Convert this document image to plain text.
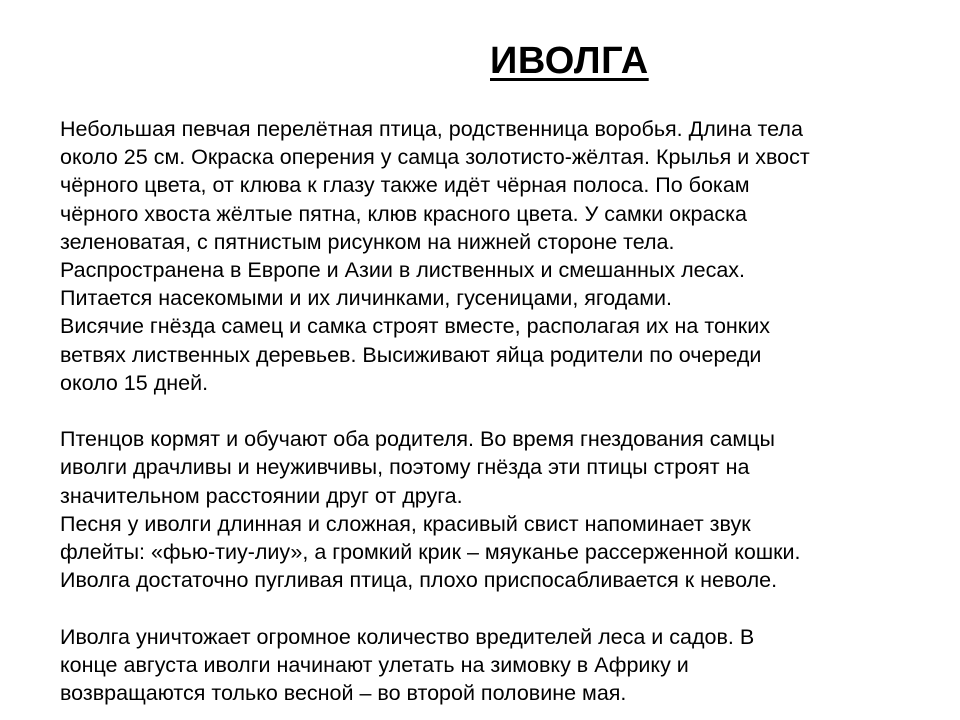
ИВОЛГА

Небольшая певчая перелётная птица, родственница воробья. Длина тела
около 25 см. Окраска оперения у самца золотисто-жёлтая. Крылья и хвост
чёрного цвета, от клюва к глазу также идёт чёрная полоса. По бокам
чёрного хвоста жёлтые пятна, клюв красного цвета. У самки окраска
зеленоватая, с пятнистым рисунком на нижней стороне тела.
Распространена в Европе и Азии в лиственных и смешанных лесах.
Питается насекомыми и их личинками, гусеницами, ягодами.
Висячие гнёзда самец и самка строят вместе, располагая их на тонких
ветвях лиственных деревьев. Высиживают яйца родители по очереди
около 15 дней.

Птенцов кормят и обучают оба родителя. Во время гнездования самцы
иволги драчливы и неуживчивы, поэтому гнёзда эти птицы строят на
значительном расстоянии друг от друга.
Песня у иволги длинная и сложная, красивый свист напоминает звук
флейты: «фью-тиу-лиу», а громкий крик – мяуканье рассерженной кошки.
Иволга достаточно пугливая птица, плохо приспосабливается к неволе.

Иволга уничтожает огромное количество вредителей леса и садов. В
конце августа иволги начинают улетать на зимовку в Африку и
возвращаются только весной – во второй половине мая.
